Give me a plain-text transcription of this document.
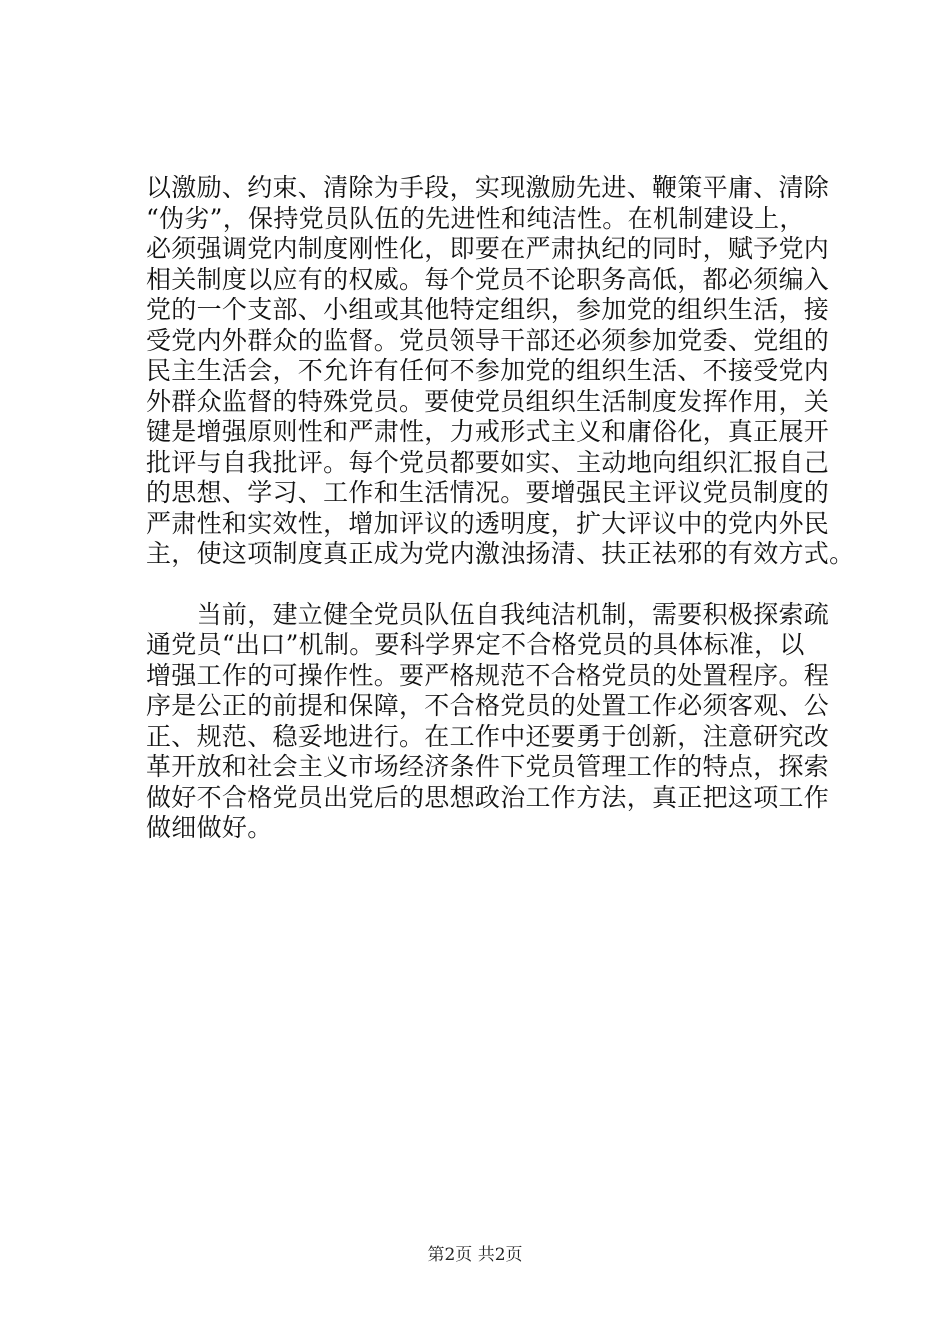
以激励、约束、清除为手段，实现激励先进、鞭策平庸、清除
“伪劣”，保持党员队伍的先进性和纯洁性。在机制建设上，
必须强调党内制度刚性化，即要在严肃执纪的同时，赋予党内
相关制度以应有的权威。每个党员不论职务高低，都必须编入
党的一个支部、小组或其他特定组织，参加党的组织生活，接
受党内外群众的监督。党员领导干部还必须参加党委、党组的
民主生活会，不允许有任何不参加党的组织生活、不接受党内
外群众监督的特殊党员。要使党员组织生活制度发挥作用，关
键是增强原则性和严肃性，力戒形式主义和庸俗化，真正展开
批评与自我批评。每个党员都要如实、主动地向组织汇报自己
的思想、学习、工作和生活情况。要增强民主评议党员制度的
严肃性和实效性，增加评议的透明度，扩大评议中的党内外民
主，使这项制度真正成为党内激浊扬清、扶正祛邪的有效方式。
　　当前，建立健全党员队伍自我纯洁机制，需要积极探索疏
通党员“出口”机制。要科学界定不合格党员的具体标准，以
增强工作的可操作性。要严格规范不合格党员的处置程序。程
序是公正的前提和保障，不合格党员的处置工作必须客观、公
正、规范、稳妥地进行。在工作中还要勇于创新，注意研究改
革开放和社会主义市场经济条件下党员管理工作的特点，探索
做好不合格党员出党后的思想政治工作方法，真正把这项工作
做细做好。
第2页 共2页
